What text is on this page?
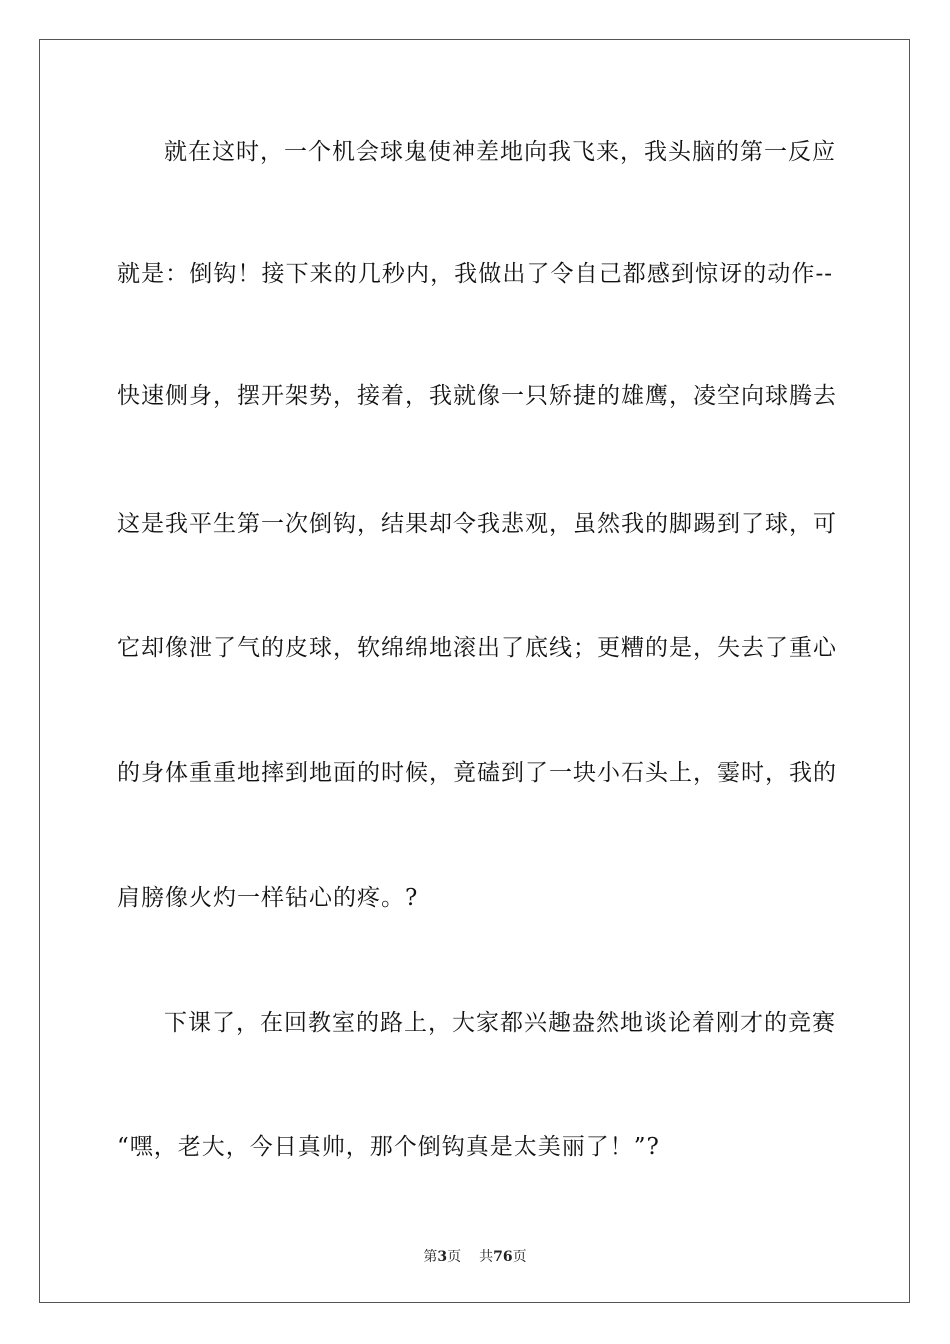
就在这时，一个机会球鬼使神差地向我飞来，我头脑的第一反应
就是：倒钩！接下来的几秒内，我做出了令自己都感到惊讶的动作--
快速侧身，摆开架势，接着，我就像一只矫捷的雄鹰，凌空向球腾去
这是我平生第一次倒钩，结果却令我悲观，虽然我的脚踢到了球，可
它却像泄了气的皮球，软绵绵地滚出了底线；更糟的是，失去了重心
的身体重重地摔到地面的时候，竟磕到了一块小石头上，霎时，我的
肩膀像火灼一样钻心的疼。?
下课了，在回教室的路上，大家都兴趣盎然地谈论着刚才的竞赛
“嘿，老大，今日真帅，那个倒钩真是太美丽了！”?
第3页 共76页
